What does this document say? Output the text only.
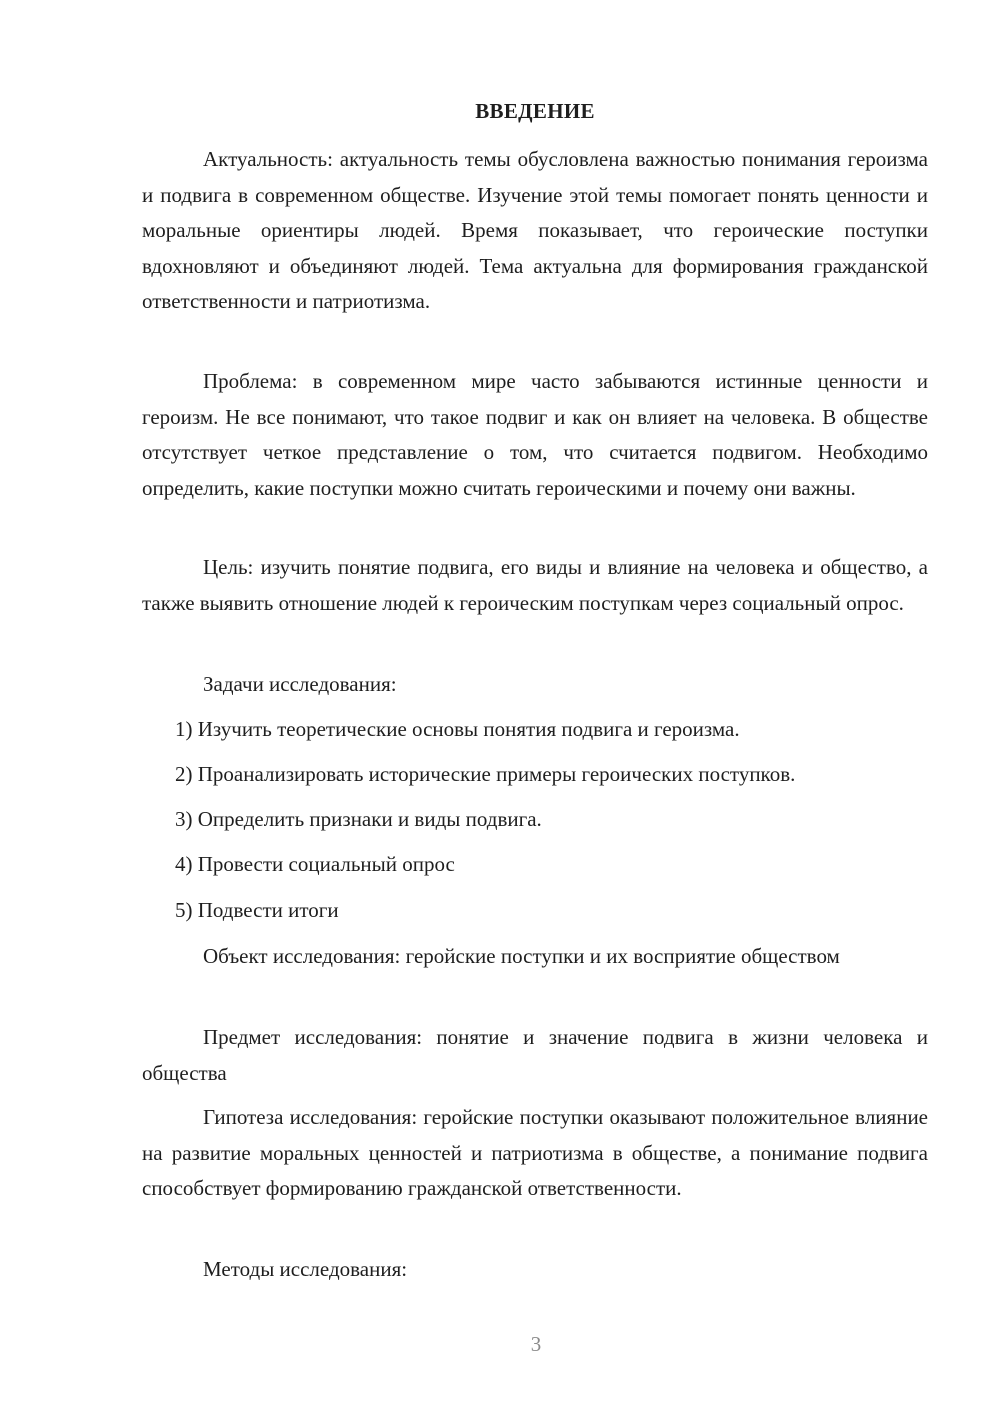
ВВЕДЕНИЕ

Актуальность: актуальность темы обусловлена важностью понимания героизма и подвига в современном обществе. Изучение этой темы помогает понять ценности и моральные ориентиры людей. Время показывает, что героические поступки вдохновляют и объединяют людей. Тема актуальна для формирования гражданской ответственности и патриотизма.

Проблема: в современном мире часто забываются истинные ценности и героизм. Не все понимают, что такое подвиг и как он влияет на человека. В обществе отсутствует четкое представление о том, что считается подвигом. Необходимо определить, какие поступки можно считать героическими и почему они важны.

Цель: изучить понятие подвига, его виды и влияние на человека и общество, а также выявить отношение людей к героическим поступкам через социальный опрос.

Задачи исследования:

1) Изучить теоретические основы понятия подвига и героизма.

2) Проанализировать исторические примеры героических поступков.

3) Определить признаки и виды подвига.

4) Провести социальный опрос

5) Подвести итоги

Объект исследования: геройские поступки и их восприятие обществом

Предмет исследования: понятие и значение подвига в жизни человека и общества

Гипотеза исследования: геройские поступки оказывают положительное влияние на развитие моральных ценностей и патриотизма в обществе, а понимание подвига способствует формированию гражданской ответственности.

Методы исследования:

3
